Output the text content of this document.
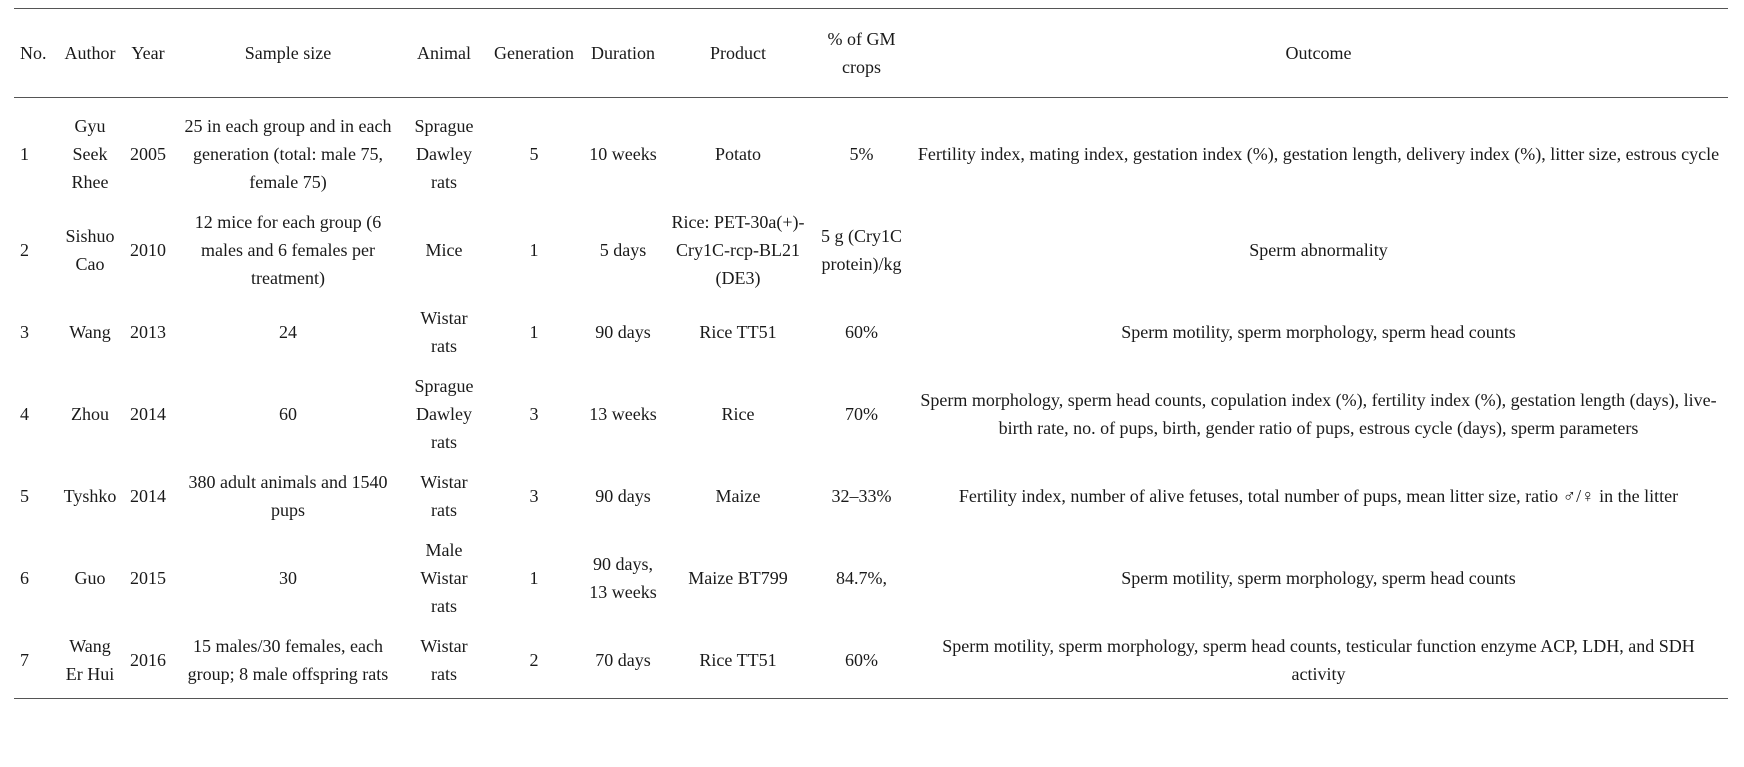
No.	Author	Year	Sample size	Animal	Generation	Duration	Product	% of GM crops	Outcome
1	Gyu Seek Rhee	2005	25 in each group and in each generation (total: male 75, female 75)	Sprague Dawley rats	5	10 weeks	Potato	5%	Fertility index, mating index, gestation index (%), gestation length, delivery index (%), litter size, estrous cycle
2	Sishuo Cao	2010	12 mice for each group (6 males and 6 females per treatment)	Mice	1	5 days	Rice: PET-30a(+)-Cry1C-rcp-BL21 (DE3)	5 g (Cry1C protein)/kg	Sperm abnormality
3	Wang	2013	24	Wistar rats	1	90 days	Rice TT51	60%	Sperm motility, sperm morphology, sperm head counts
4	Zhou	2014	60	Sprague Dawley rats	3	13 weeks	Rice	70%	Sperm morphology, sperm head counts, copulation index (%), fertility index (%), gestation length (days), live-birth rate, no. of pups, birth, gender ratio of pups, estrous cycle (days), sperm parameters
5	Tyshko	2014	380 adult animals and 1540 pups	Wistar rats	3	90 days	Maize	32–33%	Fertility index, number of alive fetuses, total number of pups, mean litter size, ratio ♂/♀ in the litter
6	Guo	2015	30	Male Wistar rats	1	90 days, 13 weeks	Maize BT799	84.7%,	Sperm motility, sperm morphology, sperm head counts
7	Wang Er Hui	2016	15 males/30 females, each group; 8 male offspring rats	Wistar rats	2	70 days	Rice TT51	60%	Sperm motility, sperm morphology, sperm head counts, testicular function enzyme ACP, LDH, and SDH activity
